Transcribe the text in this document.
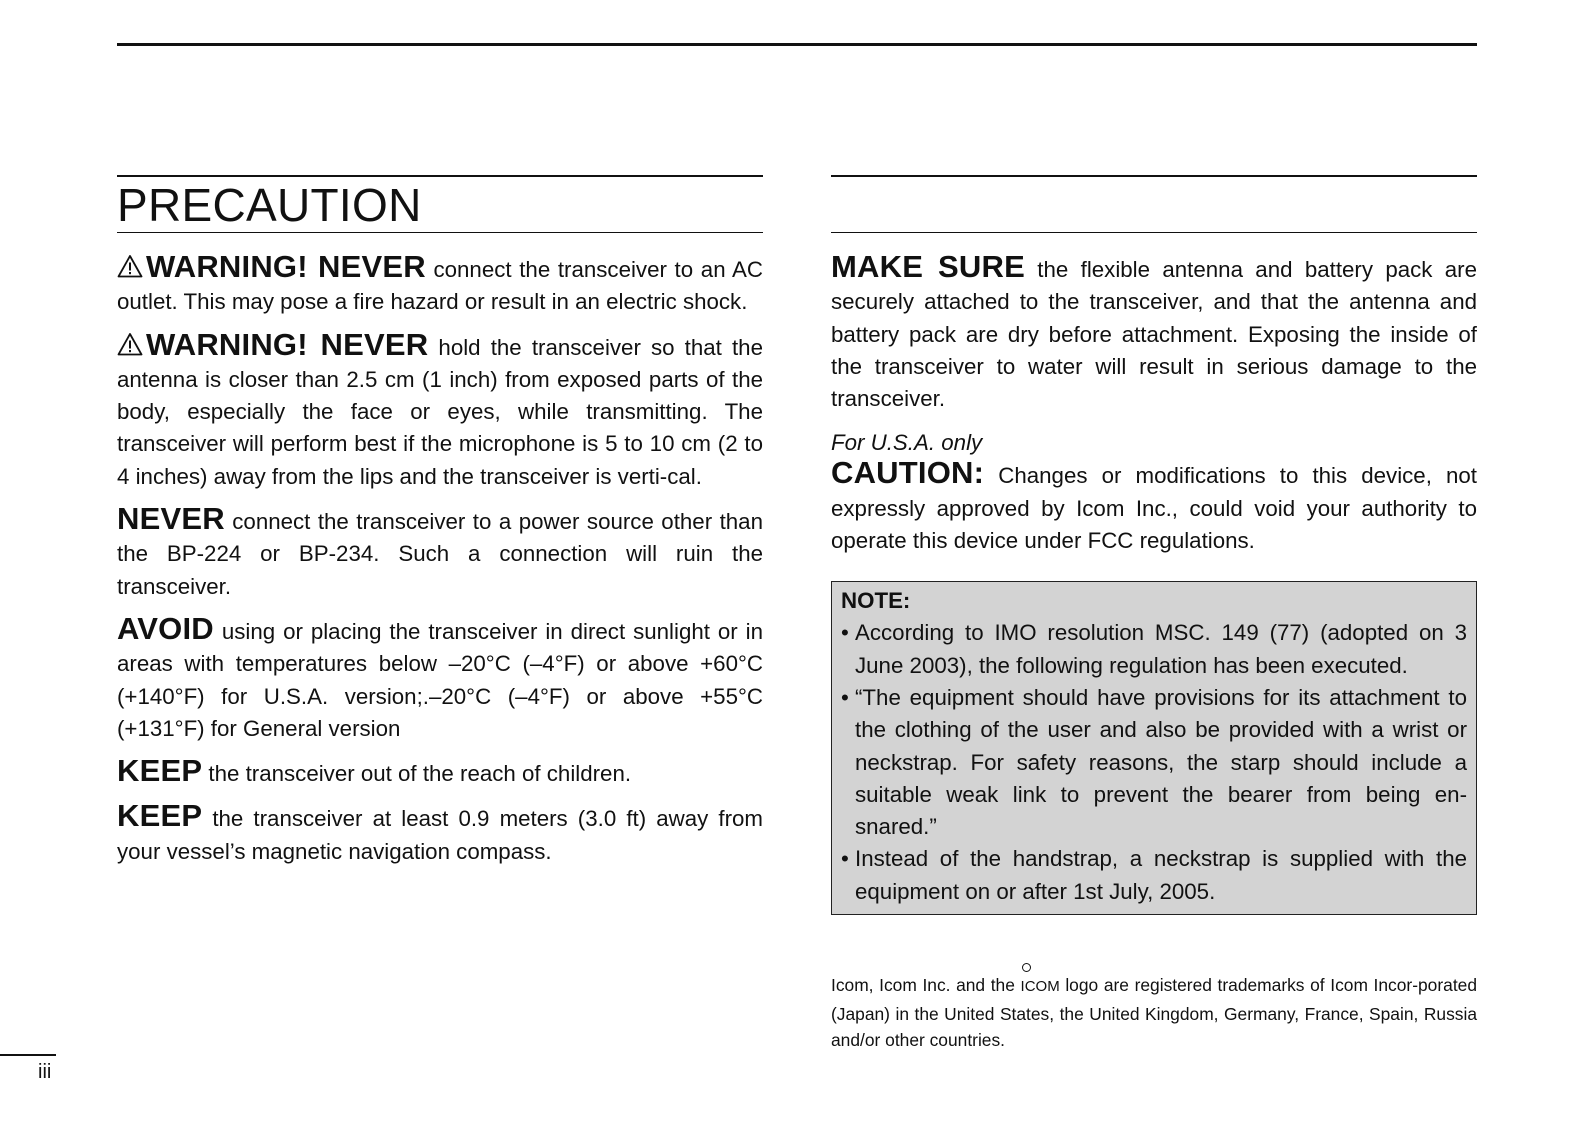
PRECAUTION

WARNING! NEVER connect the transceiver to an AC outlet. This may pose a fire hazard or result in an electric shock.

WARNING! NEVER hold the transceiver so that the antenna is closer than 2.5 cm (1 inch) from exposed parts of the body, especially the face or eyes, while transmitting. The transceiver will perform best if the microphone is 5 to 10 cm (2 to 4 inches) away from the lips and the transceiver is verti-cal.

NEVER connect the transceiver to a power source other than the BP-224 or BP-234. Such a connection will ruin the transceiver.

AVOID using or placing the transceiver in direct sunlight or in areas with temperatures below –20°C (–4°F) or above +60°C (+140°F) for U.S.A. version;.–20°C (–4°F) or above +55°C (+131°F) for General version

KEEP the transceiver out of the reach of children.

KEEP the transceiver at least 0.9 meters (3.0 ft) away from your vessel’s magnetic navigation compass.

MAKE SURE the flexible antenna and battery pack are securely attached to the transceiver, and that the antenna and battery pack are dry before attachment. Exposing the inside of the transceiver to water will result in serious damage to the transceiver.

For U.S.A. only

CAUTION: Changes or modifications to this device, not expressly approved by Icom Inc., could void your authority to operate this device under FCC regulations.

NOTE:
• According to IMO resolution MSC. 149 (77) (adopted on 3 June 2003), the following regulation has been executed.
• “The equipment should have provisions for its attachment to the clothing of the user and also be provided with a wrist or neckstrap. For safety reasons, the starp should include a suitable weak link to prevent the bearer from being en-snared.”
• Instead of the handstrap, a neckstrap is supplied with the equipment on or after 1st July, 2005.
Icom, Icom Inc. and the
ICOM logo are registered trademarks of Icom Incor-porated (Japan) in the United States, the United Kingdom, Germany, France, Spain, Russia and/or other countries.
iii
